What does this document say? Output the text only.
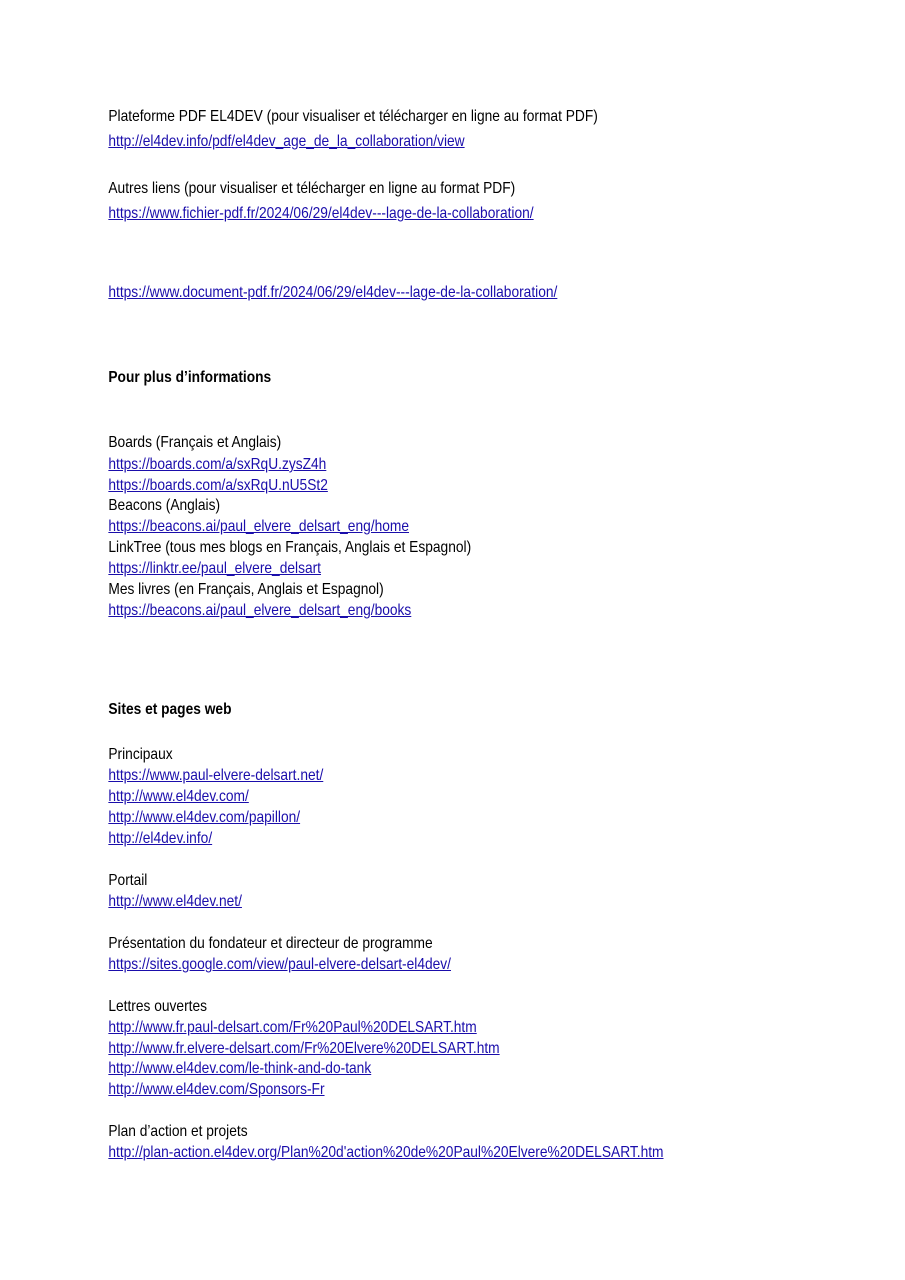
Plateforme PDF EL4DEV (pour visualiser et télécharger en ligne au format PDF)
http://el4dev.info/pdf/el4dev_age_de_la_collaboration/view
Autres liens (pour visualiser et télécharger en ligne au format PDF)
https://www.fichier-pdf.fr/2024/06/29/el4dev---lage-de-la-collaboration/
https://www.document-pdf.fr/2024/06/29/el4dev---lage-de-la-collaboration/
Pour plus d’informations
Boards (Français et Anglais)
https://boards.com/a/sxRqU.zysZ4h
https://boards.com/a/sxRqU.nU5St2
Beacons (Anglais)
https://beacons.ai/paul_elvere_delsart_eng/home
LinkTree (tous mes blogs en Français, Anglais et Espagnol)
https://linktr.ee/paul_elvere_delsart
Mes livres (en Français, Anglais et Espagnol)
https://beacons.ai/paul_elvere_delsart_eng/books
Sites et pages web
Principaux
https://www.paul-elvere-delsart.net/
http://www.el4dev.com/
http://www.el4dev.com/papillon/
http://el4dev.info/
Portail
http://www.el4dev.net/
Présentation du fondateur et directeur de programme
https://sites.google.com/view/paul-elvere-delsart-el4dev/
Lettres ouvertes
http://www.fr.paul-delsart.com/Fr%20Paul%20DELSART.htm
http://www.fr.elvere-delsart.com/Fr%20Elvere%20DELSART.htm
http://www.el4dev.com/le-think-and-do-tank
http://www.el4dev.com/Sponsors-Fr
Plan d’action et projets
http://plan-action.el4dev.org/Plan%20d'action%20de%20Paul%20Elvere%20DELSART.htm
